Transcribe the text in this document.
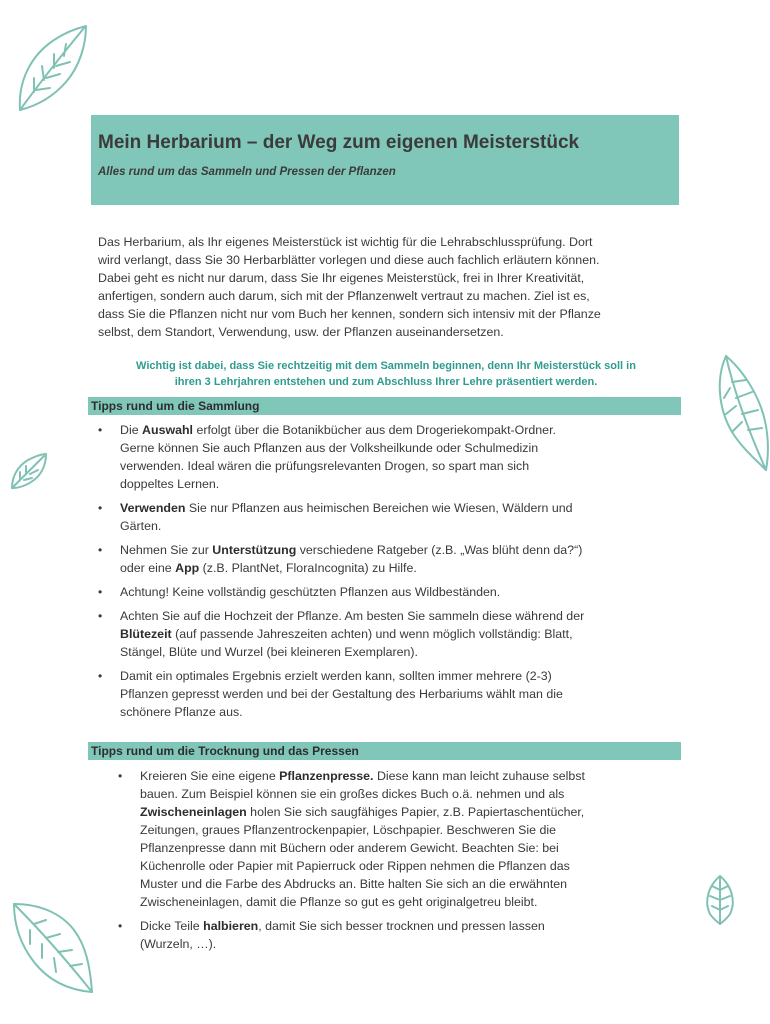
Mein Herbarium – der Weg zum eigenen Meisterstück

Alles rund um das Sammeln und Pressen der Pflanzen

Das Herbarium, als Ihr eigenes Meisterstück ist wichtig für die Lehrabschlussprüfung. Dort
wird verlangt, dass Sie 30 Herbarblätter vorlegen und diese auch fachlich erläutern können.
Dabei geht es nicht nur darum, dass Sie Ihr eigenes Meisterstück, frei in Ihrer Kreativität,
anfertigen, sondern auch darum, sich mit der Pflanzenwelt vertraut zu machen. Ziel ist es,
dass Sie die Pflanzen nicht nur vom Buch her kennen, sondern sich intensiv mit der Pflanze
selbst, dem Standort, Verwendung, usw. der Pflanzen auseinandersetzen.

Wichtig ist dabei, dass Sie rechtzeitig mit dem Sammeln beginnen, denn Ihr Meisterstück soll in
ihren 3 Lehrjahren entstehen und zum Abschluss Ihrer Lehre präsentiert werden.

Tipps rund um die Sammlung
• Die Auswahl erfolgt über die Botanikbücher aus dem Drogeriekompakt-Ordner.
Gerne können Sie auch Pflanzen aus der Volksheilkunde oder Schulmedizin
verwenden. Ideal wären die prüfungsrelevanten Drogen, so spart man sich
doppeltes Lernen.
• Verwenden Sie nur Pflanzen aus heimischen Bereichen wie Wiesen, Wäldern und
Gärten.
• Nehmen Sie zur Unterstützung verschiedene Ratgeber (z.B. „Was blüht denn da?“)
oder eine App (z.B. PlantNet, FloraIncognita) zu Hilfe.
• Achtung! Keine vollständig geschützten Pflanzen aus Wildbeständen.
• Achten Sie auf die Hochzeit der Pflanze. Am besten Sie sammeln diese während der
Blütezeit (auf passende Jahreszeiten achten) und wenn möglich vollständig: Blatt,
Stängel, Blüte und Wurzel (bei kleineren Exemplaren).
• Damit ein optimales Ergebnis erzielt werden kann, sollten immer mehrere (2-3)
Pflanzen gepresst werden und bei der Gestaltung des Herbariums wählt man die
schönere Pflanze aus.
Tipps rund um die Trocknung und das Pressen
• Kreieren Sie eine eigene Pflanzenpresse. Diese kann man leicht zuhause selbst
bauen. Zum Beispiel können sie ein großes dickes Buch o.ä. nehmen und als
Zwischeneinlagen holen Sie sich saugfähiges Papier, z.B. Papiertaschentücher,
Zeitungen, graues Pflanzentrockenpapier, Löschpapier. Beschweren Sie die
Pflanzenpresse dann mit Büchern oder anderem Gewicht. Beachten Sie: bei
Küchenrolle oder Papier mit Papierruck oder Rippen nehmen die Pflanzen das
Muster und die Farbe des Abdrucks an. Bitte halten Sie sich an die erwähnten
Zwischeneinlagen, damit die Pflanze so gut es geht originalgetreu bleibt.
• Dicke Teile halbieren, damit Sie sich besser trocknen und pressen lassen
(Wurzeln, …).
